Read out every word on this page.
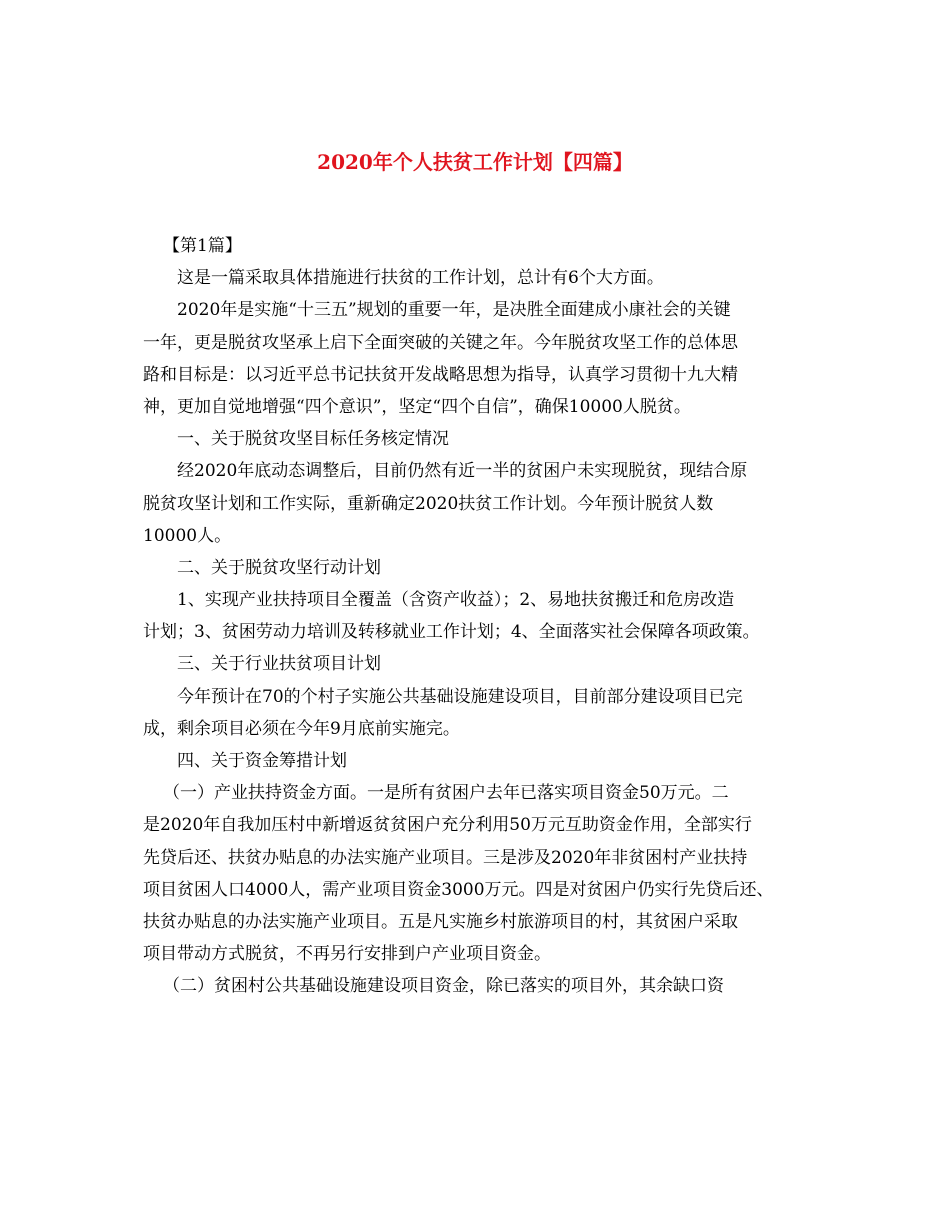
2020年个人扶贫工作计划【四篇】
【第1篇】
这是一篇采取具体措施进行扶贫的工作计划，总计有6个大方面。
2020年是实施“十三五”规划的重要一年，是决胜全面建成小康社会的关键
一年，更是脱贫攻坚承上启下全面突破的关键之年。今年脱贫攻坚工作的总体思
路和目标是：以习近平总书记扶贫开发战略思想为指导，认真学习贯彻十九大精
神，更加自觉地增强“四个意识”，坚定“四个自信”，确保10000人脱贫。
一、关于脱贫攻坚目标任务核定情况
经2020年底动态调整后，目前仍然有近一半的贫困户未实现脱贫，现结合原
脱贫攻坚计划和工作实际，重新确定2020扶贫工作计划。今年预计脱贫人数
10000人。
二、关于脱贫攻坚行动计划
1、实现产业扶持项目全覆盖（含资产收益）；2、易地扶贫搬迁和危房改造
计划；3、贫困劳动力培训及转移就业工作计划；4、全面落实社会保障各项政策。
三、关于行业扶贫项目计划
今年预计在70的个村子实施公共基础设施建设项目，目前部分建设项目已完
成，剩余项目必须在今年9月底前实施完。
四、关于资金筹措计划
（一）产业扶持资金方面。一是所有贫困户去年已落实项目资金50万元。二
是2020年自我加压村中新增返贫贫困户充分利用50万元互助资金作用，全部实行
先贷后还、扶贫办贴息的办法实施产业项目。三是涉及2020年非贫困村产业扶持
项目贫困人口4000人，需产业项目资金3000万元。四是对贫困户仍实行先贷后还、
扶贫办贴息的办法实施产业项目。五是凡实施乡村旅游项目的村，其贫困户采取
项目带动方式脱贫，不再另行安排到户产业项目资金。
（二）贫困村公共基础设施建设项目资金，除已落实的项目外，其余缺口资
